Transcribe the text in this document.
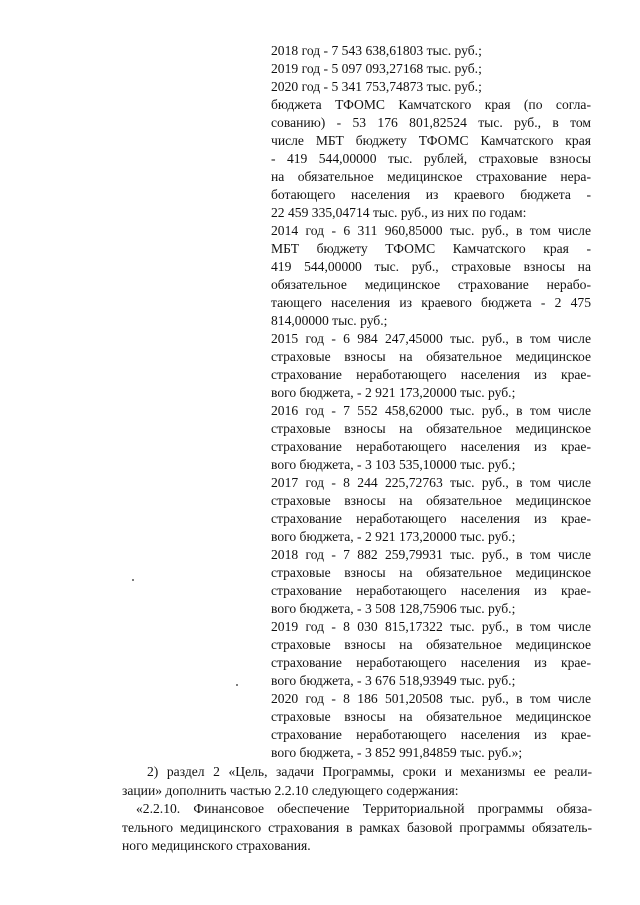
2018 год - 7 543 638,61803 тыс. руб.;
2019 год - 5 097 093,27168 тыс. руб.;
2020 год - 5 341 753,74873 тыс. руб.;
бюджета ТФОМС Камчатского края (по согла-
сованию) - 53 176 801,82524 тыс. руб., в том
числе МБТ бюджету ТФОМС Камчатского края
- 419 544,00000 тыс. рублей, страховые взносы
на обязательное медицинское страхование нера-
ботающего населения из краевого бюджета -
22 459 335,04714 тыс. руб., из них по годам:
2014 год - 6 311 960,85000 тыс. руб., в том числе
МБТ бюджету ТФОМС Камчатского края -
419 544,00000 тыс. руб., страховые взносы на
обязательное медицинское страхование нерабо-
тающего населения из краевого бюджета - 2 475
814,00000 тыс. руб.;
2015 год - 6 984 247,45000 тыс. руб., в том числе
страховые взносы на обязательное медицинское
страхование неработающего населения из крае-
вого бюджета, - 2 921 173,20000 тыс. руб.;
2016 год - 7 552 458,62000 тыс. руб., в том числе
страховые взносы на обязательное медицинское
страхование неработающего населения из крае-
вого бюджета, - 3 103 535,10000 тыс. руб.;
2017 год - 8 244 225,72763 тыс. руб., в том числе
страховые взносы на обязательное медицинское
страхование неработающего населения из крае-
вого бюджета, - 2 921 173,20000 тыс. руб.;
2018 год - 7 882 259,79931 тыс. руб., в том числе
страховые взносы на обязательное медицинское
страхование неработающего населения из крае-
вого бюджета, - 3 508 128,75906 тыс. руб.;
2019 год - 8 030 815,17322 тыс. руб., в том числе
страховые взносы на обязательное медицинское
страхование неработающего населения из крае-
вого бюджета, - 3 676 518,93949 тыс. руб.;
2020 год - 8 186 501,20508 тыс. руб., в том числе
страховые взносы на обязательное медицинское
страхование неработающего населения из крае-
вого бюджета, - 3 852 991,84859 тыс. руб.»;
2) раздел 2 «Цель, задачи Программы, сроки и механизмы ее реали-
зации» дополнить частью 2.2.10 следующего содержания:
«2.2.10. Финансовое обеспечение Территориальной программы обяза-
тельного медицинского страхования в рамках базовой программы обязатель-
ного медицинского страхования.
